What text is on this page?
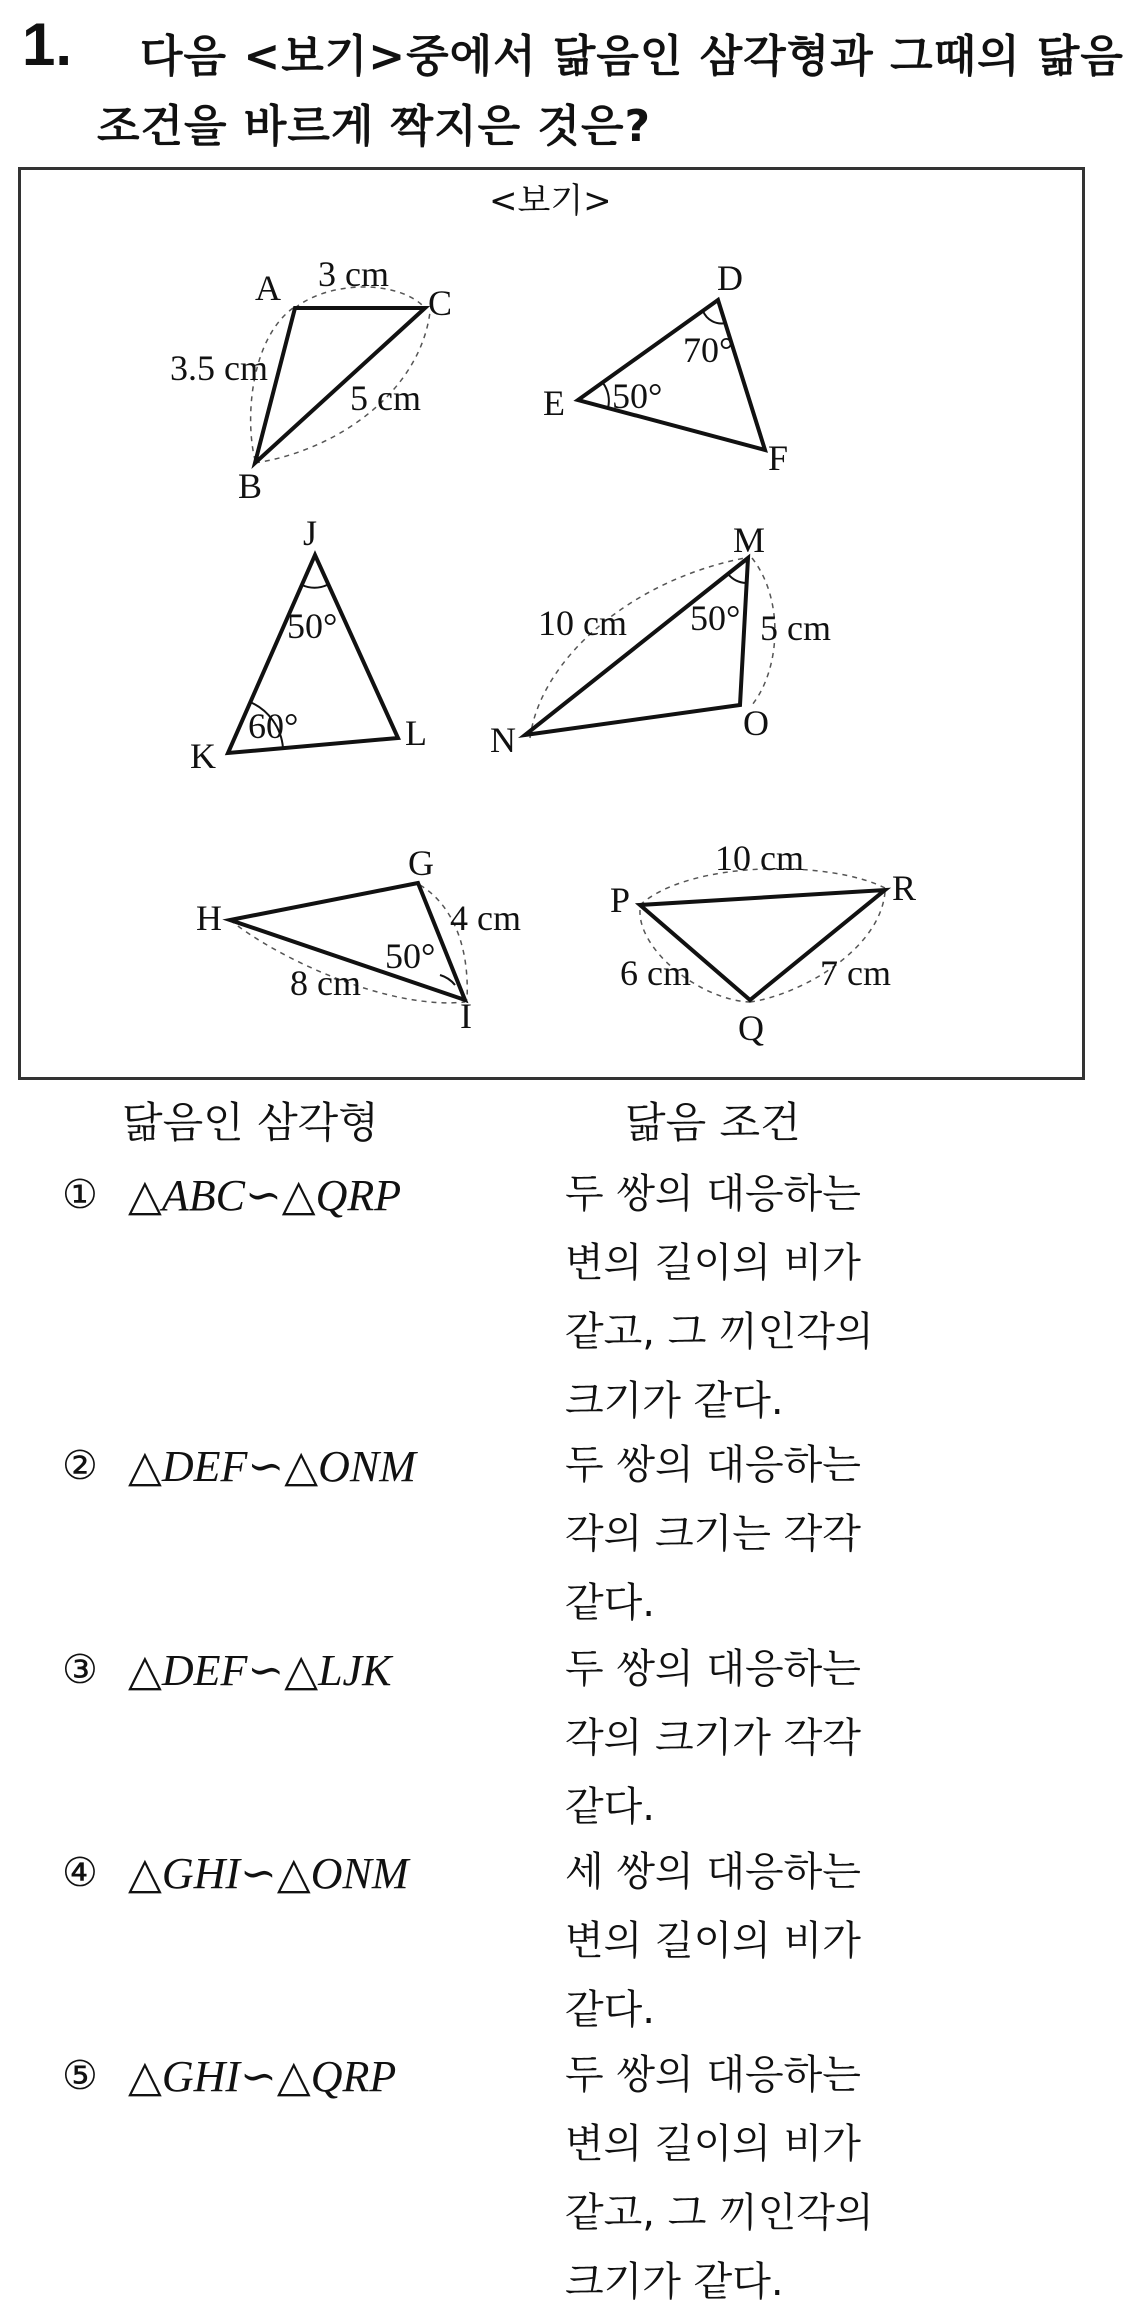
1. 다음 <보기>중에서 닮음인 삼각형과 그때의 닮음
조건을 바르게 짝지은 것은?
<보기>
A
B
C
3 cm
3.5 cm
5 cm
D
E
F
70°
50°
J
K
L
50°
60°
M
N	O
10 cm 50° 5 cm
G
H
I
4 cm
50°
8 cm
P
Q
R
10 cm
6 cm	7 cm
닮음인 삼각형	닮음 조건
① △ABC∽△QRP	두 쌍의 대응하는 변의 길이의 비가 같고, 그 끼인각의 크기가 같다.
② △DEF∽△ONM	두 쌍의 대응하는 각의 크기는 각각 같다.
③ △DEF∽△LJK	두 쌍의 대응하는 각의 크기가 각각 같다.
④ △GHI∽△ONM	세 쌍의 대응하는 변의 길이의 비가 같다.
⑤ △GHI∽△QRP	두 쌍의 대응하는 변의 길이의 비가 같고, 그 끼인각의 크기가 같다.
